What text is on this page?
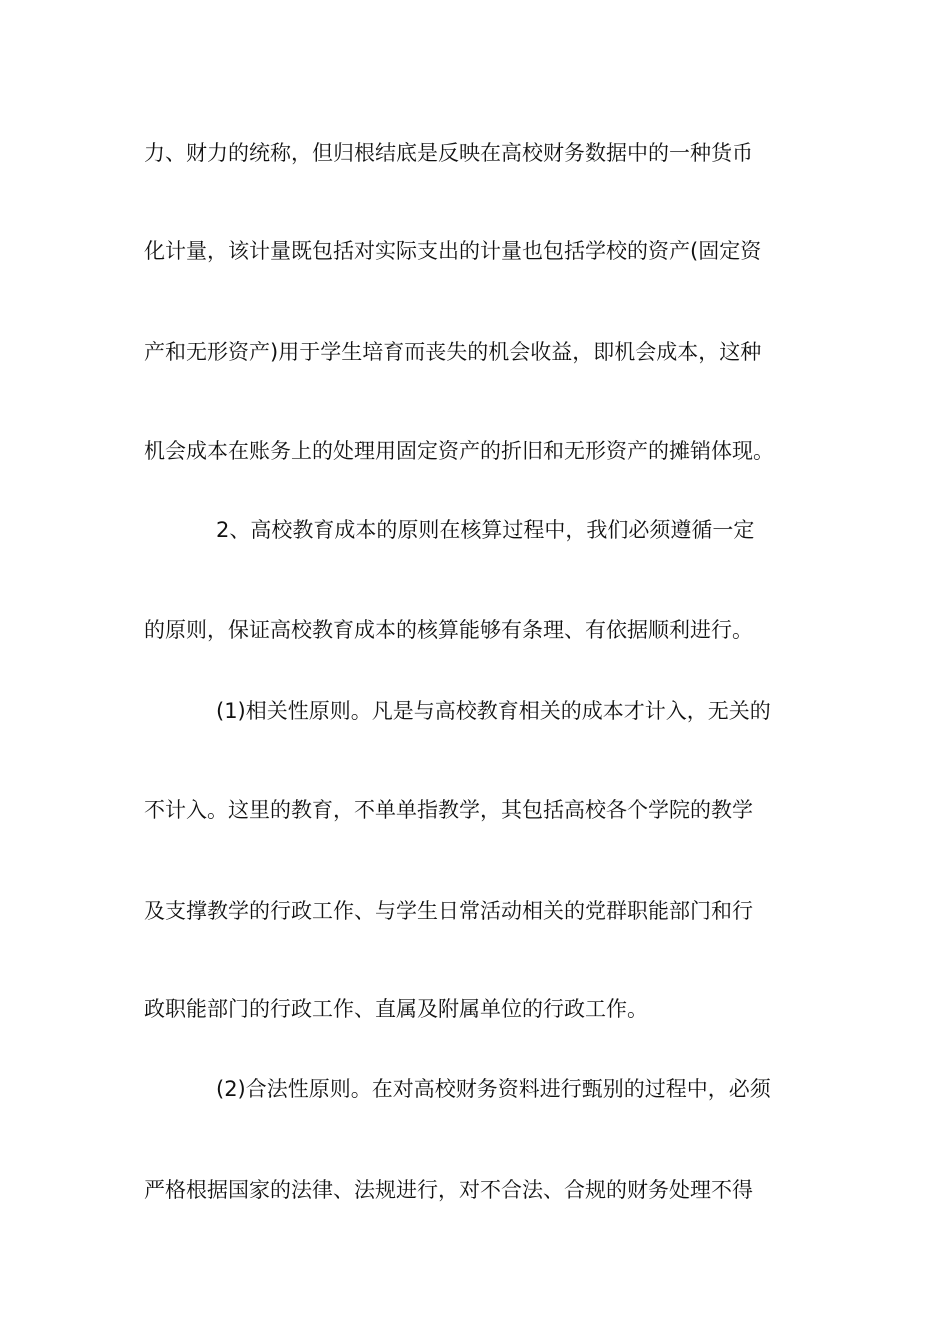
力、财力的统称，但归根结底是反映在高校财务数据中的一种货币
化计量，该计量既包括对实际支出的计量也包括学校的资产(固定资
产和无形资产)用于学生培育而丧失的机会收益，即机会成本，这种
机会成本在账务上的处理用固定资产的折旧和无形资产的摊销体现。
2、高校教育成本的原则在核算过程中，我们必须遵循一定
的原则，保证高校教育成本的核算能够有条理、有依据顺利进行。
(1)相关性原则。凡是与高校教育相关的成本才计入，无关的
不计入。这里的教育，不单单指教学，其包括高校各个学院的教学
及支撑教学的行政工作、与学生日常活动相关的党群职能部门和行
政职能部门的行政工作、直属及附属单位的行政工作。
(2)合法性原则。在对高校财务资料进行甄别的过程中，必须
严格根据国家的法律、法规进行，对不合法、合规的财务处理不得
